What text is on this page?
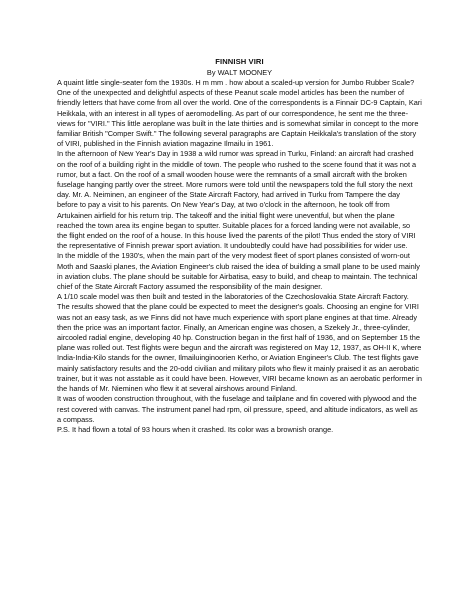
FINNISH VIRI
By WALT MOONEY

A quaint little single-seater fom the 1930s. H m mm . how about a scaled-up version for Jumbo Rubber Scale?

One of the unexpected and delightful aspects of these Peanut scale model articles has been the number of friendly letters that have come from all over the world. One of the correspondents is a Finnair DC-9 Captain, Kari Heikkala, with an interest in all types of aeromodelling. As part of our correspondence, he sent me the three-views for "VIRI." This little aeroplane was built in the late thirties and is somewhat similar in concept to the more familiar British "Comper Swift." The following several paragraphs are Captain Heikkala's translation of the story of VIRI, published in the Finnish aviation magazine Ilmailu in 1961.

In the afternoon of New Year's Day in 1938 a wild rumor was spread in Turku, Finland: an aircraft had crashed on the roof of a building right in the middle of town. The people who rushed to the scene found that it was not a rumor, but a fact. On the roof of a small wooden house were the remnants of a small aircraft with the broken fuselage hanging partly over the street. More rumors were told until the newspapers told the full story the next day. Mr. A. Neiminen, an engineer of the State Aircraft Factory, had arrived in Turku from Tampere the day before to pay a visit to his parents. On New Year's Day, at two o'clock in the afternoon, he took off from Artukainen airfield for his return trip. The takeoff and the initial flight were uneventful, but when the plane reached the town area its engine began to sputter. Suitable places for a forced landing were not available, so the flight ended on the roof of a house. In this house lived the parents of the pilot! Thus ended the story of VIRI the representative of Finnish prewar sport aviation. It undoubtedly could have had possibilities for wider use.

In the middle of the 1930's, when the main part of the very modest fleet of sport planes consisted of worn-out Moth and Saaski planes, the Aviation Engineer's club raised the idea of building a small plane to be used mainly in aviation clubs. The plane should be suitable for Airbatisa, easy to build, and cheap to maintain. The technical chief of the State Aircraft Factory assumed the responsibility of the main designer.

A 1/10 scale model was then built and tested in the laboratories of the Czechoslovakia State Aircraft Factory. The results showed that the plane could be expected to meet the designer's goals. Choosing an engine for VIRI was not an easy task, as we Finns did not have much experience with sport plane engines at that time. Already then the price was an important factor. Finally, an American engine was chosen, a Szekely Jr., three-cylinder, aircooled radial engine, developing 40 hp. Construction began in the first half of 1936, and on September 15 the plane was rolled out. Test flights were begun and the aircraft was registered on May 12, 1937, as OH-II K, where India-India-Kilo stands for the owner, Ilmailuinginoorien Kerho, or Aviation Engineer's Club. The test flights gave mainly satisfactory results and the 20-odd civilian and military pilots who flew it mainly praised it as an aerobatic trainer, but it was not asstable as it could have been. However, VIRI became known as an aerobatic performer in the hands of Mr. Nieminen who flew it at several airshows around Finland.

It was of wooden construction throughout, with the fuselage and tailplane and fin covered with plywood and the rest covered with canvas. The instrument panel had rpm, oil pressure, speed, and altitude indicators, as well as a compass.

P.S. It had flown a total of 93 hours when it crashed. Its color was a brownish orange.
